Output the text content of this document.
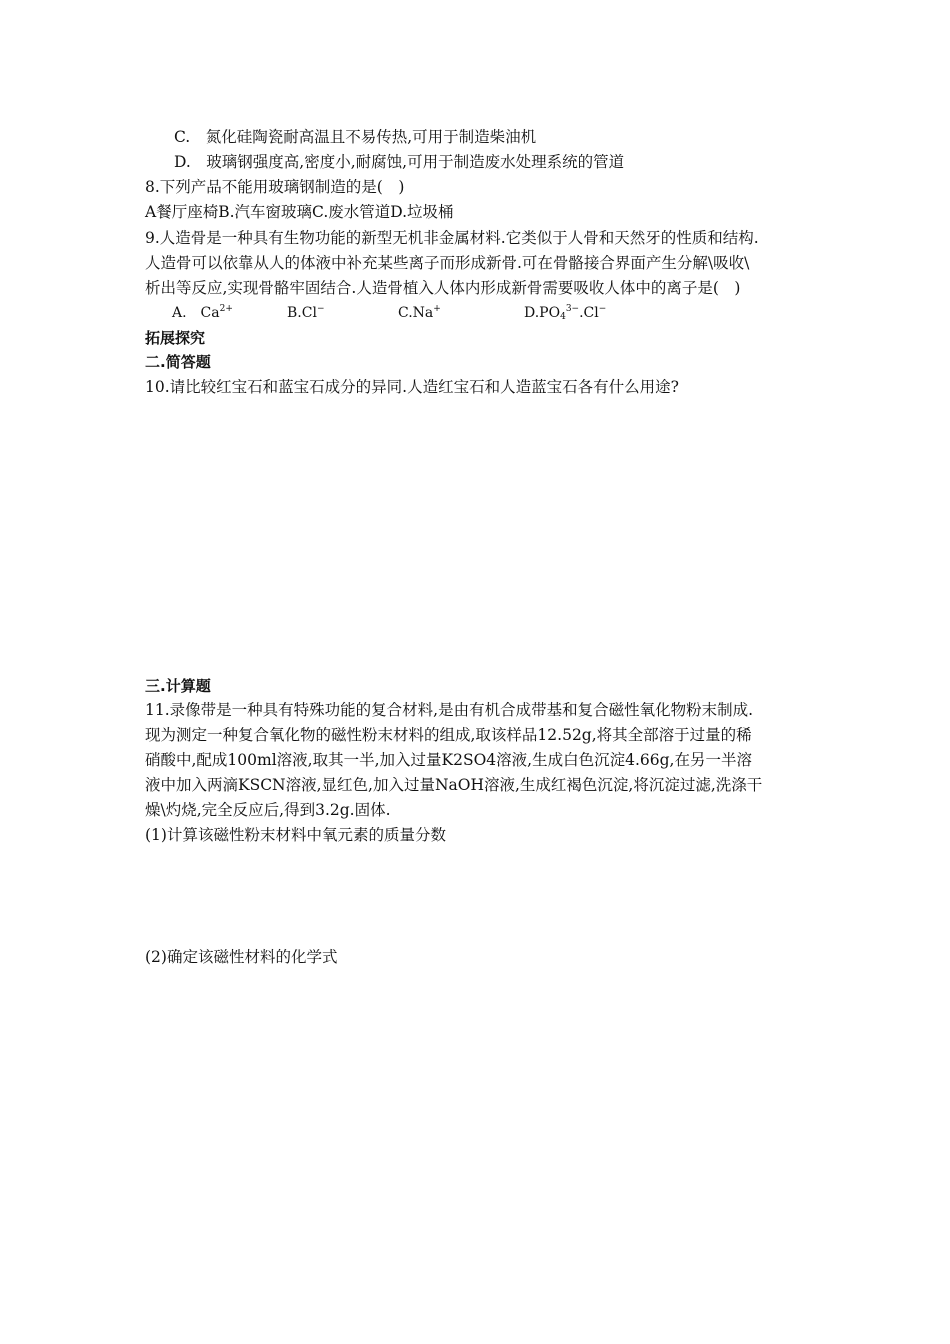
C.　氮化硅陶瓷耐高温且不易传热,可用于制造柴油机
D.　玻璃钢强度高,密度小,耐腐蚀,可用于制造废水处理系统的管道
8.下列产品不能用玻璃钢制造的是(　)
A餐厅座椅B.汽车窗玻璃C.废水管道D.垃圾桶
9.人造骨是一种具有生物功能的新型无机非金属材料.它类似于人骨和天然牙的性质和结构.
人造骨可以依靠从人的体液中补充某些离子而形成新骨.可在骨骼接合界面产生分解\吸收\
析出等反应,实现骨骼牢固结合.人造骨植入人体内形成新骨需要吸收人体中的离子是(　)
A.　$Ca^{2+}$	B.Cl−	C.Na+	$D.PO_4^{3-}.Cl^-$
拓展探究
二.简答题
10.请比较红宝石和蓝宝石成分的异同.人造红宝石和人造蓝宝石各有什么用途?
三.计算题
11.录像带是一种具有特殊功能的复合材料,是由有机合成带基和复合磁性氧化物粉末制成.
现为测定一种复合氧化物的磁性粉末材料的组成,取该样品12.52g,将其全部溶于过量的稀
硝酸中,配成100ml溶液,取其一半,加入过量K2SO4溶液,生成白色沉淀4.66g,在另一半溶
液中加入两滴KSCN溶液,显红色,加入过量NaOH溶液,生成红褐色沉淀,将沉淀过滤,洗涤干
燥\灼烧,完全反应后,得到3.2g.固体.
(1)计算该磁性粉末材料中氧元素的质量分数
(2)确定该磁性材料的化学式
